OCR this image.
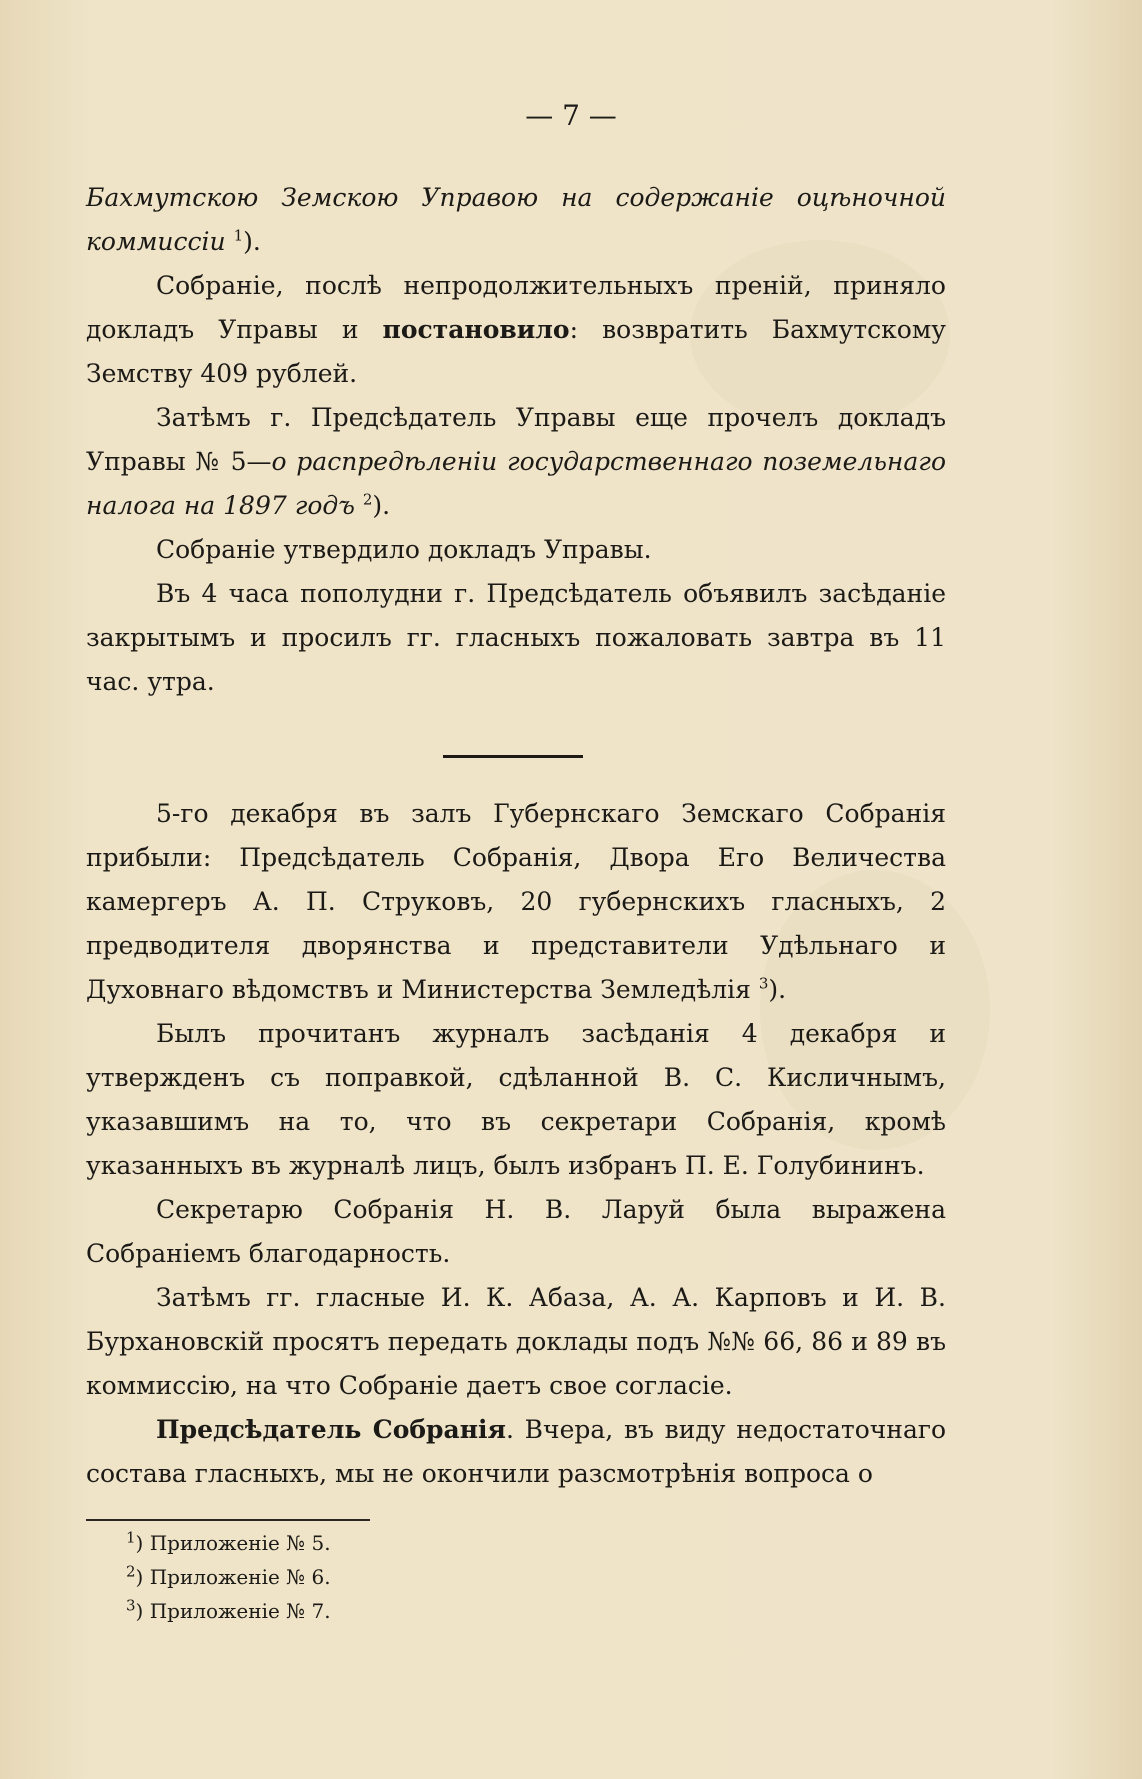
— 7 —

Бахмутскою Земскою Управою на содержаніе оцѣночной коммиссіи $^1$).

Собраніе, послѣ непродолжительныхъ преній, приняло докладъ Управы и постановило: возвратить Бахмутскому Земству 409 рублей.

Затѣмъ г. Предсѣдатель Управы еще прочелъ докладъ Управы № 5—о распредѣленіи государственнаго поземельнаго налога на 1897 годъ $^2$).

Собраніе утвердило докладъ Управы.

Въ 4 часа пополудни г. Предсѣдатель объявилъ засѣданіе закрытымъ и просилъ гг. гласныхъ пожаловать завтра въ 11 час. утра.

5-го декабря въ залъ Губернскаго Земскаго Собранія прибыли: Предсѣдатель Собранія, Двора Его Величества камергеръ А. П. Струковъ, 20 губернскихъ гласныхъ, 2 предводителя дворянства и представители Удѣльнаго и Духовнаго вѣдомствъ и Министерства Земледѣлія $^3$).

Былъ прочитанъ журналъ засѣданія 4 декабря и утвержденъ съ поправкой, сдѣланной В. С. Кисличнымъ, указавшимъ на то, что въ секретари Собранія, кромѣ указанныхъ въ журналѣ лицъ, былъ избранъ П. Е. Голубининъ.

Секретарю Собранія Н. В. Ларуй была выражена Собраніемъ благодарность.

Затѣмъ гг. гласные И. К. Абаза, А. А. Карповъ и И. В. Бурхановскій просятъ передать доклады подъ №№ 66, 86 и 89 въ коммиссію, на что Собраніе даетъ свое согласіе.

Предсѣдатель Собранія. Вчера, въ виду недостаточнаго состава гласныхъ, мы не окончили разсмотрѣнія вопроса о

$^1$) Приложеніе № 5.

$^2$) Приложеніе № 6.

$^3$) Приложеніе № 7.
